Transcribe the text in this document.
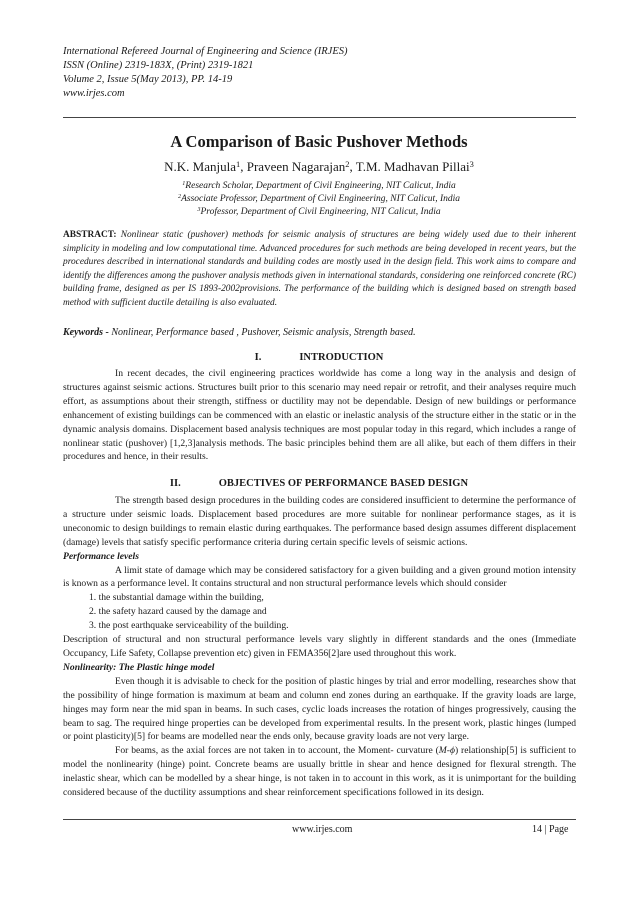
International Refereed Journal of Engineering and Science (IRJES)
ISSN (Online) 2319-183X, (Print) 2319-1821
Volume 2, Issue 5(May 2013), PP. 14-19
www.irjes.com
A Comparison of Basic Pushover Methods
N.K. Manjula$^1$, Praveen Nagarajan$^2$, T.M. Madhavan Pillai$^3$
$^1$Research Scholar, Department of Civil Engineering, NIT Calicut, India
$^2$Associate Professor, Department of Civil Engineering, NIT Calicut, India
$^3$Professor, Department of Civil Engineering, NIT Calicut, India
ABSTRACT: Nonlinear static (pushover) methods for seismic analysis of structures are being widely used due to their inherent simplicity in modeling and low computational time. Advanced procedures for such methods are being developed in recent years, but the procedures described in international standards and building codes are mostly used in the design field. This work aims to compare and identify the differences among the pushover analysis methods given in international standards, considering one reinforced concrete (RC) building frame, designed as per IS 1893-2002provisions. The performance of the building which is designed based on strength based method with sufficient ductile detailing is also evaluated.
Keywords - Nonlinear, Performance based , Pushover, Seismic analysis, Strength based.
I.	INTRODUCTION

In recent decades, the civil engineering practices worldwide has come a long way in the analysis and design of structures against seismic actions. Structures built prior to this scenario may need repair or retrofit, and their analyses require much effort, as assumptions about their strength, stiffness or ductility may not be dependable. Design of new buildings or performance enhancement of existing buildings can be commenced with an elastic or inelastic analysis of the structure either in the static or in the dynamic analysis domains. Displacement based analysis techniques are most popular today in this regard, which includes a range of nonlinear static (pushover) [1,2,3]analysis methods. The basic principles behind them are all alike, but each of them differs in their procedures and hence, in their results.

II.	OBJECTIVES OF PERFORMANCE BASED DESIGN

The strength based design procedures in the building codes are considered insufficient to determine the performance of a structure under seismic loads. Displacement based procedures are more suitable for nonlinear performance stages, as it is uneconomic to design buildings to remain elastic during earthquakes. The performance based design assumes different displacement (damage) levels that satisfy specific performance criteria during certain specific levels of seismic actions.

Performance levels

A limit state of damage which may be considered satisfactory for a given building and a given ground motion intensity is known as a performance level. It contains structural and non structural performance levels which should consider

1. the substantial damage within the building,

2. the safety hazard caused by the damage and

3. the post earthquake serviceability of the building.

Description of structural and non structural performance levels vary slightly in different standards and the ones (Immediate Occupancy, Life Safety, Collapse prevention etc) given in FEMA356[2]are used throughout this work.

Nonlinearity: The Plastic hinge model

Even though it is advisable to check for the position of plastic hinges by trial and error modelling, researches show that the possibility of hinge formation is maximum at beam and column end zones during an earthquake. If the gravity loads are large, hinges may form near the mid span in beams. In such cases, cyclic loads increases the rotation of hinges progressively, causing the beam to sag. The required hinge properties can be developed from experimental results. In the present work, plastic hinges (lumped or point plasticity)[5] for beams are modelled near the ends only, because gravity loads are not very large.

For beams, as the axial forces are not taken in to account, the Moment- curvature (M-ϕ) relationship[5] is sufficient to model the nonlinearity (hinge) point. Concrete beams are usually brittle in shear and hence designed for flexural strength. The inelastic shear, which can be modelled by a shear hinge, is not taken in to account in this work, as it is unimportant for the building considered because of the ductility assumptions and shear reinforcement specifications followed in its design.

www.irjes.com	14 | Page
